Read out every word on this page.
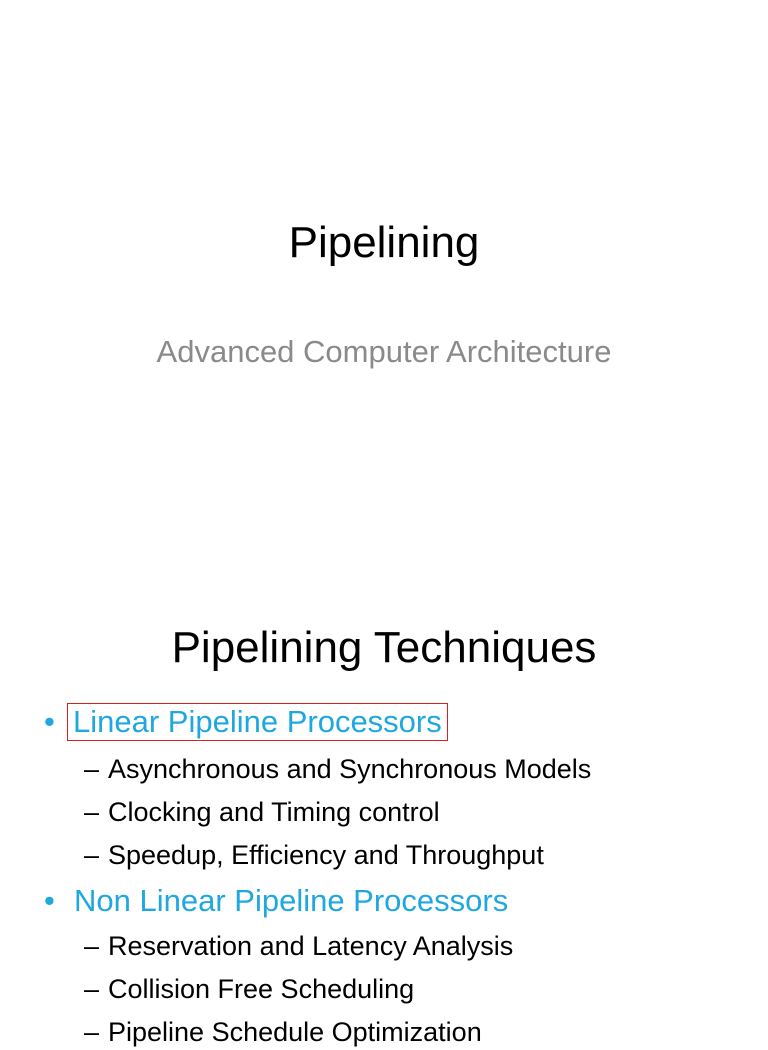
Pipelining
Advanced Computer Architecture
Pipelining Techniques
• Linear Pipeline Processors
– Asynchronous and Synchronous Models
– Clocking and Timing control
– Speedup, Efficiency and Throughput
• Non Linear Pipeline Processors
– Reservation and Latency Analysis
– Collision Free Scheduling
– Pipeline Schedule Optimization
